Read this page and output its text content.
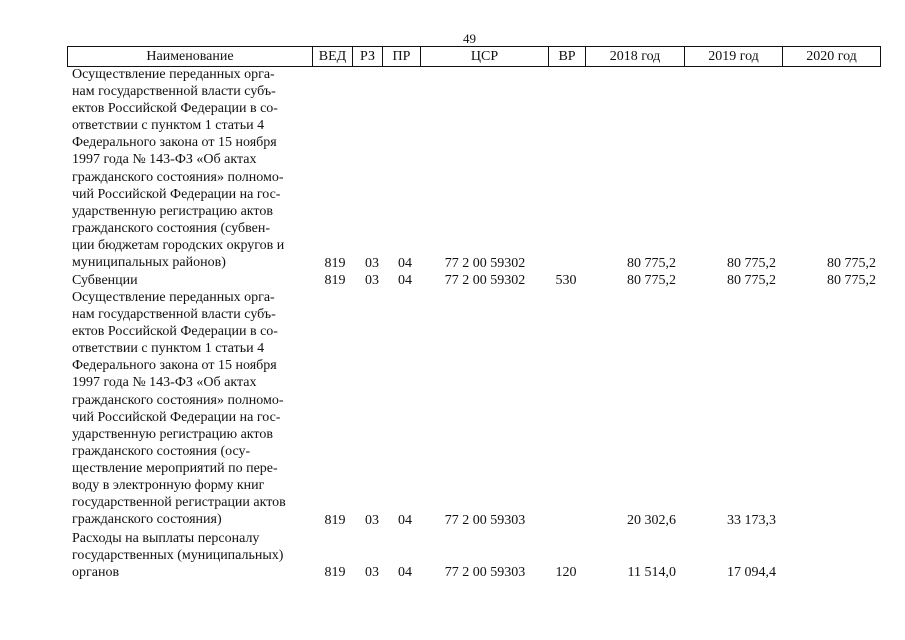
49
Наименование	ВЕД РЗ	ПР	ЦСР	ВР	2018 год	2019 год	2020 год
Осуществление переданных орга-
нам государственной власти субъ-
ектов Российской Федерации в со-
ответствии с пунктом 1 статьи 4
Федерального закона от 15 ноября
1997 года № 143-ФЗ «Об актах
гражданского состояния» полномо-
чий Российской Федерации на гос-
ударственную регистрацию актов
гражданского состояния (субвен-
ции бюджетам городских округов и
муниципальных районов)	819	03	04	77 2 00 59302	80 775,2	80 775,2	80 775,2
Субвенции	819	03	04	77 2 00 59302	530	80 775,2	80 775,2	80 775,2
Осуществление переданных орга-
нам государственной власти субъ-
ектов Российской Федерации в со-
ответствии с пунктом 1 статьи 4
Федерального закона от 15 ноября
1997 года № 143-ФЗ «Об актах
гражданского состояния» полномо-
чий Российской Федерации на гос-
ударственную регистрацию актов
гражданского состояния (осу-
ществление мероприятий по пере-
воду в электронную форму книг
государственной регистрации актов
гражданского состояния)	819	03	04	77 2 00 59303	20 302,6	33 173,3
Расходы на выплаты персоналу
государственных (муниципальных)
органов	819	03	04	77 2 00 59303	120	11 514,0	17 094,4
